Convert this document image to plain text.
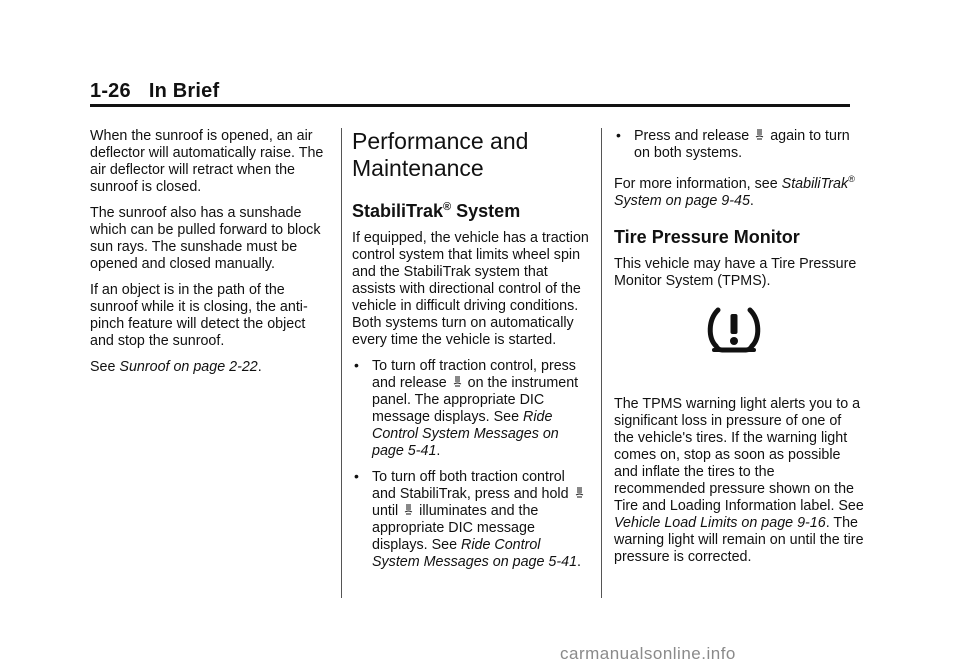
1-26 In Brief

When the sunroof is opened, an air deflector will automatically raise. The air deflector will retract when the sunroof is closed.

The sunroof also has a sunshade which can be pulled forward to block sun rays. The sunshade must be opened and closed manually.

If an object is in the path of the sunroof while it is closing, the anti-pinch feature will detect the object and stop the sunroof.

See Sunroof on page 2-22.

Performance and Maintenance
StabiliTrak® System

If equipped, the vehicle has a traction control system that limits wheel spin and the StabiliTrak system that assists with directional control of the vehicle in difficult driving conditions. Both systems turn on automatically every time the vehicle is started.

• To turn off traction control, press and release  on the instrument panel. The appropriate DIC message displays. See Ride Control System Messages on page 5-41.
• To turn off both traction control and StabiliTrak, press and hold  until  illuminates and the appropriate DIC message displays. See Ride Control System Messages on page 5-41.
• Press and release  again to turn on both systems.

For more information, see StabiliTrak® System on page 9-45.

Tire Pressure Monitor

This vehicle may have a Tire Pressure Monitor System (TPMS).

The TPMS warning light alerts you to a significant loss in pressure of one of the vehicle's tires. If the warning light comes on, stop as soon as possible and inflate the tires to the recommended pressure shown on the Tire and Loading Information label. See Vehicle Load Limits on page 9-16. The warning light will remain on until the tire pressure is corrected.

carmanualsonline.info
